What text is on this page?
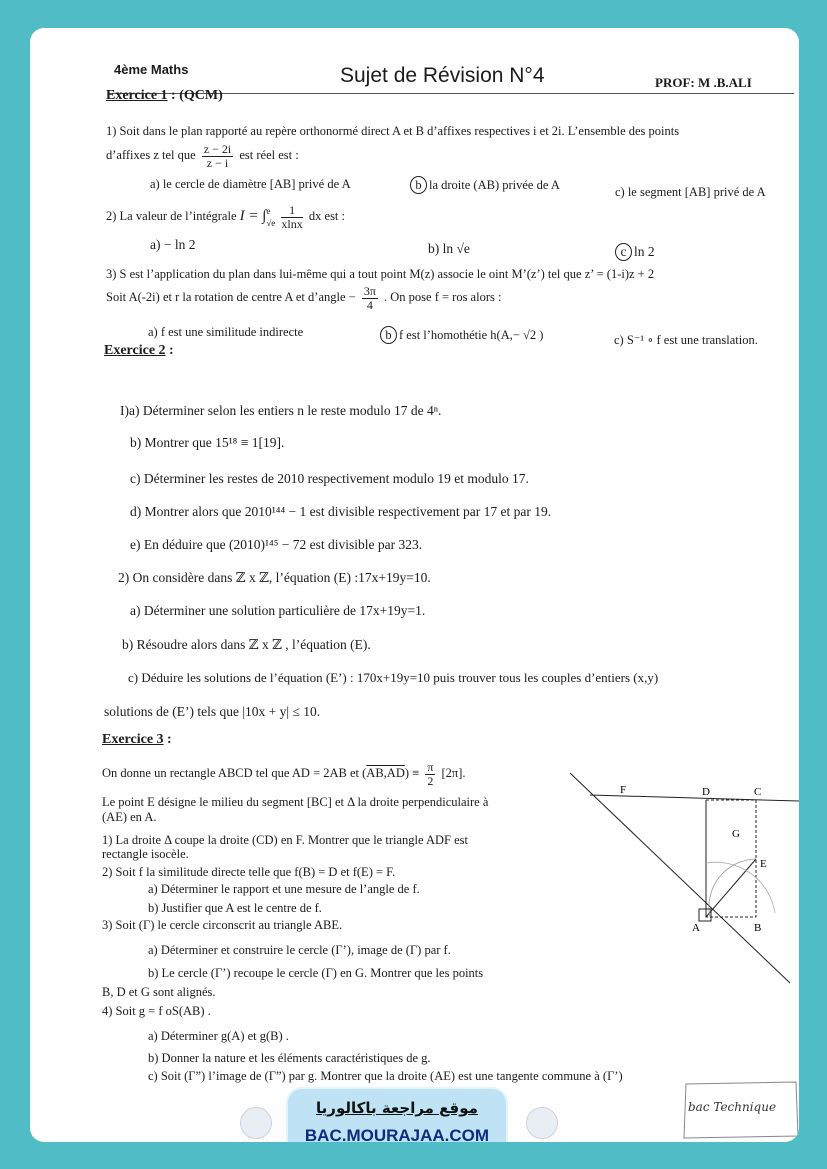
4ème Maths	Sujet de Révision N°4	PROF: M .B.ALI
Exercice 1 : (QCM)
1) Soit dans le plan rapporté au repère orthonormé direct A et B d’affixes respectives i et 2i. L’ensemble des points
d’affixes z tel que $\frac{z - 2i}{z - i}$ est réel est :
a) le cercle de diamètre [AB] privé de A	b la droite (AB) privée de A	c) le segment [AB] privé de A
2) La valeur de l’intégrale I = ∫ e
√e
$\frac{1}{xlnx}$ dx est :
a) − ln 2	b) ln √e	c ln 2
3) S est l’application du plan dans lui-même qui a tout point M(z) associe le oint M’(z’) tel que z’ = (1-i)z + 2
Soit A(-2i) et r la rotation de centre A et d’angle − $\frac{3\pi}{4}$ . On pose f = ros alors :
a) f est une similitude indirecte	b f est l’homothétie h(A,− √2 )	c) S⁻¹ ∘ f est une translation.
Exercice 2 :
I)a) Déterminer selon les entiers n le reste modulo 17 de 4ⁿ.
b) Montrer que 15¹⁸ ≡ 1[19].
c) Déterminer les restes de 2010 respectivement modulo 19 et modulo 17.
d) Montrer alors que 2010¹⁴⁴ − 1 est divisible respectivement par 17 et par 19.
e) En déduire que (2010)¹⁴⁵ − 72 est divisible par 323.
2) On considère dans ℤ x ℤ, l’équation (E) :17x+19y=10.
a) Déterminer une solution particulière de 17x+19y=1.
b) Résoudre alors dans ℤ x ℤ , l’équation (E).
c) Déduire les solutions de l’équation (E’) : 170x+19y=10 puis trouver tous les couples d’entiers (x,y)
solutions de (E’) tels que |10x + y| ≤ 10.
Exercice 3 :
On donne un rectangle ABCD tel que AD = 2AB et $(AB,AD) \equiv \frac{\pi}{2} [2\pi]$.
Le point E désigne le milieu du segment [BC] et Δ la droite perpendiculaire à
(AE) en A.
1) La droite Δ coupe la droite (CD) en F. Montrer que le triangle ADF est
rectangle isocèle.
2) Soit f la similitude directe telle que f(B) = D et f(E) = F.
a) Déterminer le rapport et une mesure de l’angle de f.
b) Justifier que A est le centre de f.
3) Soit (Γ) le cercle circonscrit au triangle ABE.
a) Déterminer et construire le cercle (Γ’), image de (Γ) par f.
b) Le cercle (Γ’) recoupe le cercle (Γ) en G. Montrer que les points
B, D et G sont alignés.
4) Soit g = f oS(AB) .
a) Déterminer g(A) et g(B) .
b) Donner la nature et les éléments caractéristiques de g.
c) Soit (Γ”) l’image de (Γ”) par g. Montrer que la droite (AE) est une tangente commune à (Γ’)
F	D	C
G
E
A	B
موقع مراجعة باكالوريا
BAC.MOURAJAA.COM
bac Technique
